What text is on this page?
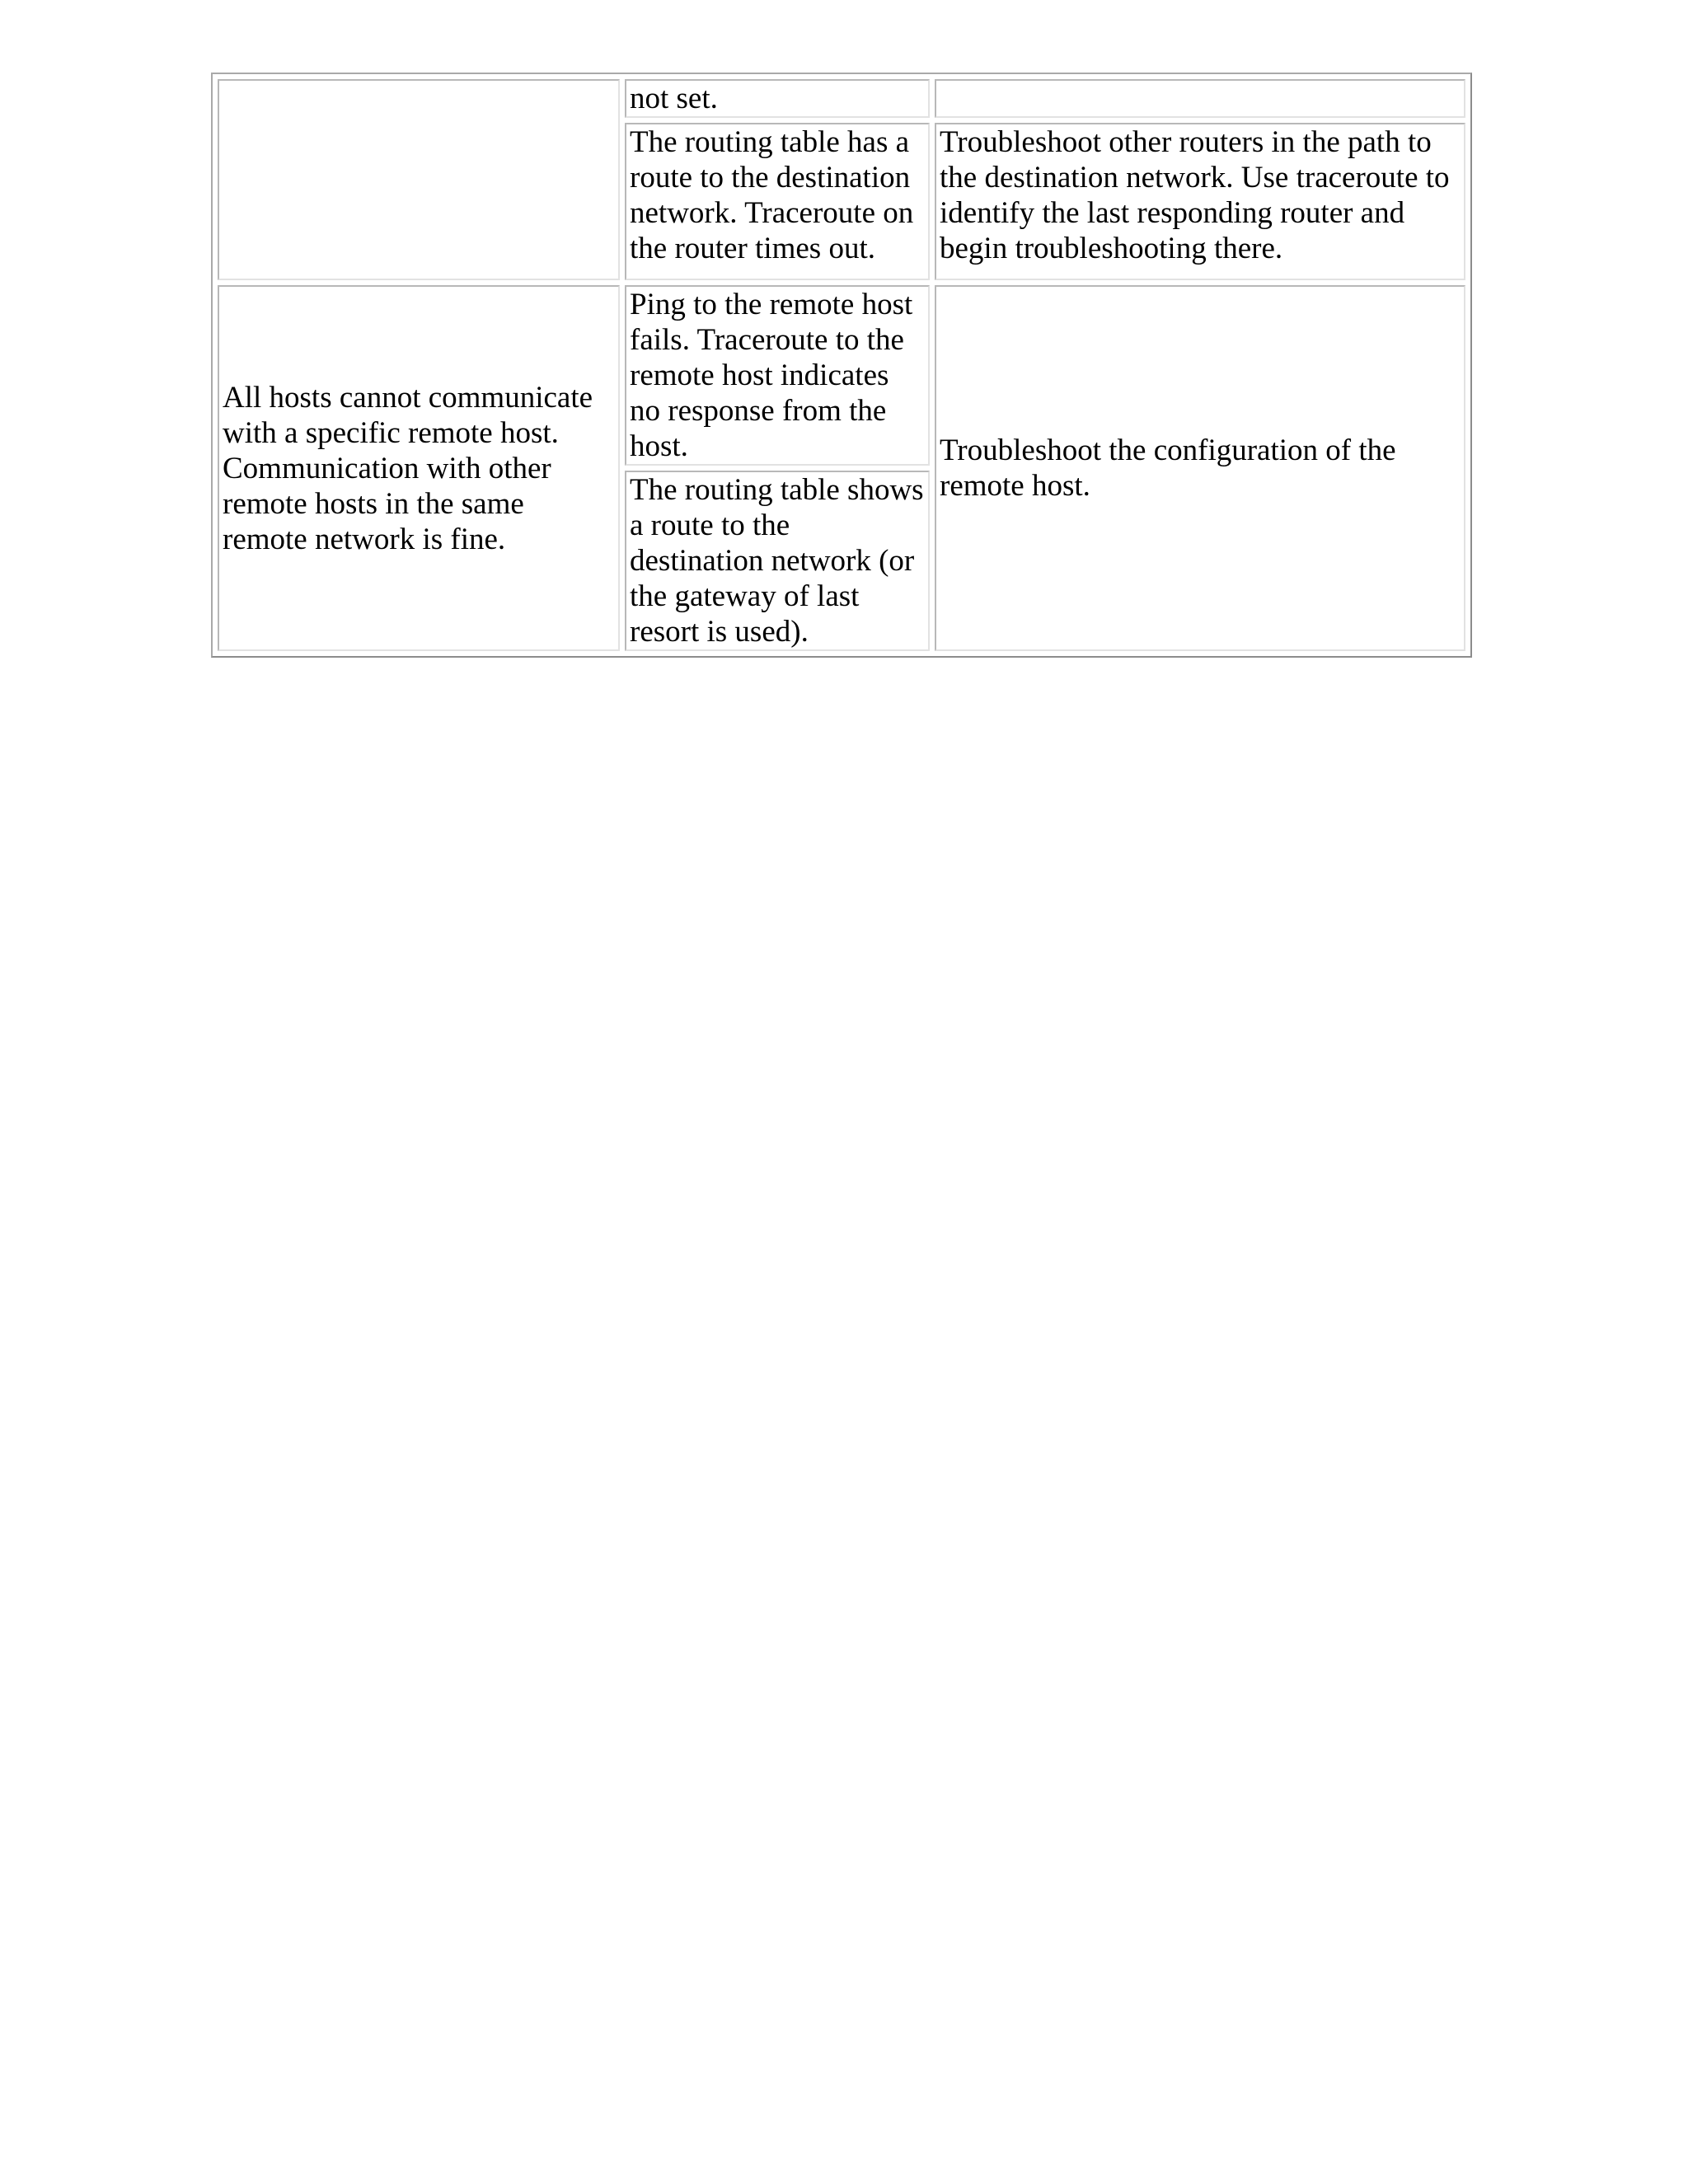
	not set.	
	The routing table has a route to the destination network. Traceroute on the router times out.	Troubleshoot other routers in the path to the destination network. Use traceroute to identify the last responding router and begin troubleshooting there.
All hosts cannot communicate with a specific remote host. Communication with other remote hosts in the same remote network is fine.	Ping to the remote host fails. Traceroute to the remote host indicates no response from the host.	Troubleshoot the configuration of the remote host.
	The routing table shows a route to the destination network (or the gateway of last resort is used).	
